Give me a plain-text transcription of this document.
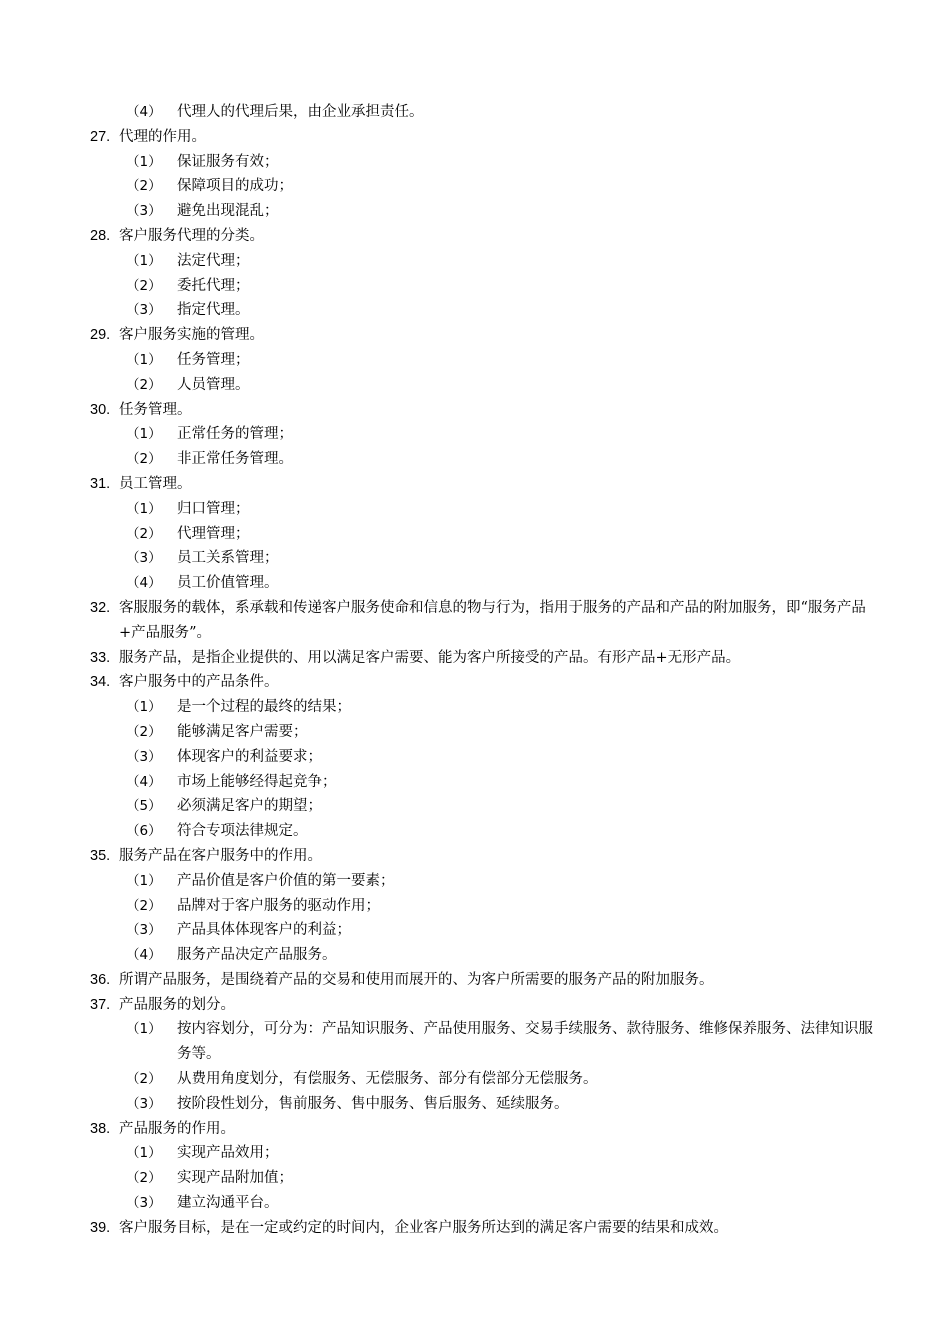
（4） 代理人的代理后果，由企业承担责任。
27. 代理的作用。
（1） 保证服务有效；
（2） 保障项目的成功；
（3） 避免出现混乱；
28. 客户服务代理的分类。
（1） 法定代理；
（2） 委托代理；
（3） 指定代理。
29. 客户服务实施的管理。
（1） 任务管理；
（2） 人员管理。
30. 任务管理。
（1） 正常任务的管理；
（2） 非正常任务管理。
31. 员工管理。
（1） 归口管理；
（2） 代理管理；
（3） 员工关系管理；
（4） 员工价值管理。
32. 客服服务的载体，系承载和传递客户服务使命和信息的物与行为，指用于服务的产品和产品的附加服务，即“服务产品+产品服务”。
33. 服务产品，是指企业提供的、用以满足客户需要、能为客户所接受的产品。有形产品+无形产品。
34. 客户服务中的产品条件。
（1） 是一个过程的最终的结果；
（2） 能够满足客户需要；
（3） 体现客户的利益要求；
（4） 市场上能够经得起竞争；
（5） 必须满足客户的期望；
（6） 符合专项法律规定。
35. 服务产品在客户服务中的作用。
（1） 产品价值是客户价值的第一要素；
（2） 品牌对于客户服务的驱动作用；
（3） 产品具体体现客户的利益；
（4） 服务产品决定产品服务。
36. 所谓产品服务，是围绕着产品的交易和使用而展开的、为客户所需要的服务产品的附加服务。
37. 产品服务的划分。
（1） 按内容划分，可分为：产品知识服务、产品使用服务、交易手续服务、款待服务、维修保养服务、法律知识服务等。
（2） 从费用角度划分，有偿服务、无偿服务、部分有偿部分无偿服务。
（3） 按阶段性划分，售前服务、售中服务、售后服务、延续服务。
38. 产品服务的作用。
（1） 实现产品效用；
（2） 实现产品附加值；
（3） 建立沟通平台。
39. 客户服务目标，是在一定或约定的时间内，企业客户服务所达到的满足客户需要的结果和成效。
